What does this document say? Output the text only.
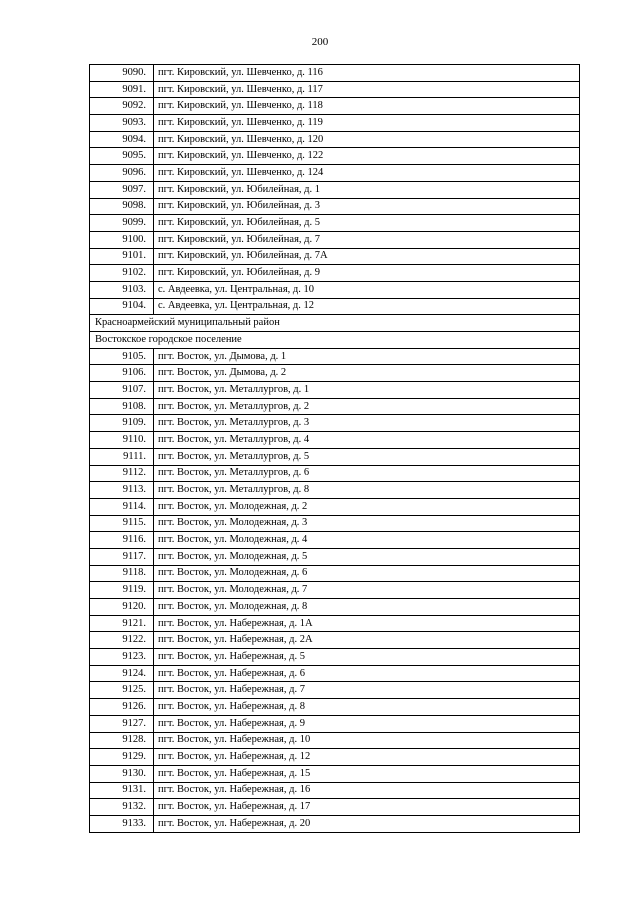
200
9090.	пгт. Кировский, ул. Шевченко, д. 116
9091.	пгт. Кировский, ул. Шевченко, д. 117
9092.	пгт. Кировский, ул. Шевченко, д. 118
9093.	пгт. Кировский, ул. Шевченко, д. 119
9094.	пгт. Кировский, ул. Шевченко, д. 120
9095.	пгт. Кировский, ул. Шевченко, д. 122
9096.	пгт. Кировский, ул. Шевченко, д. 124
9097.	пгт. Кировский, ул. Юбилейная, д. 1
9098.	пгт. Кировский, ул. Юбилейная, д. 3
9099.	пгт. Кировский, ул. Юбилейная, д. 5
9100.	пгт. Кировский, ул. Юбилейная, д. 7
9101.	пгт. Кировский, ул. Юбилейная, д. 7А
9102.	пгт. Кировский, ул. Юбилейная, д. 9
9103.	с. Авдеевка, ул. Центральная, д. 10
9104.	с. Авдеевка, ул. Центральная, д. 12
Красноармейский муниципальный район	
Востокское городское поселение	
9105.	пгт. Восток, ул. Дымова, д. 1
9106.	пгт. Восток, ул. Дымова, д. 2
9107.	пгт. Восток, ул. Металлургов, д. 1
9108.	пгт. Восток, ул. Металлургов, д. 2
9109.	пгт. Восток, ул. Металлургов, д. 3
9110.	пгт. Восток, ул. Металлургов, д. 4
9111.	пгт. Восток, ул. Металлургов, д. 5
9112.	пгт. Восток, ул. Металлургов, д. 6
9113.	пгт. Восток, ул. Металлургов, д. 8
9114.	пгт. Восток, ул. Молодежная, д. 2
9115.	пгт. Восток, ул. Молодежная, д. 3
9116.	пгт. Восток, ул. Молодежная, д. 4
9117.	пгт. Восток, ул. Молодежная, д. 5
9118.	пгт. Восток, ул. Молодежная, д. 6
9119.	пгт. Восток, ул. Молодежная, д. 7
9120.	пгт. Восток, ул. Молодежная, д. 8
9121.	пгт. Восток, ул. Набережная, д. 1А
9122.	пгт. Восток, ул. Набережная, д. 2А
9123.	пгт. Восток, ул. Набережная, д. 5
9124.	пгт. Восток, ул. Набережная, д. 6
9125.	пгт. Восток, ул. Набережная, д. 7
9126.	пгт. Восток, ул. Набережная, д. 8
9127.	пгт. Восток, ул. Набережная, д. 9
9128.	пгт. Восток, ул. Набережная, д. 10
9129.	пгт. Восток, ул. Набережная, д. 12
9130.	пгт. Восток, ул. Набережная, д. 15
9131.	пгт. Восток, ул. Набережная, д. 16
9132.	пгт. Восток, ул. Набережная, д. 17
9133.	пгт. Восток, ул. Набережная, д. 20
